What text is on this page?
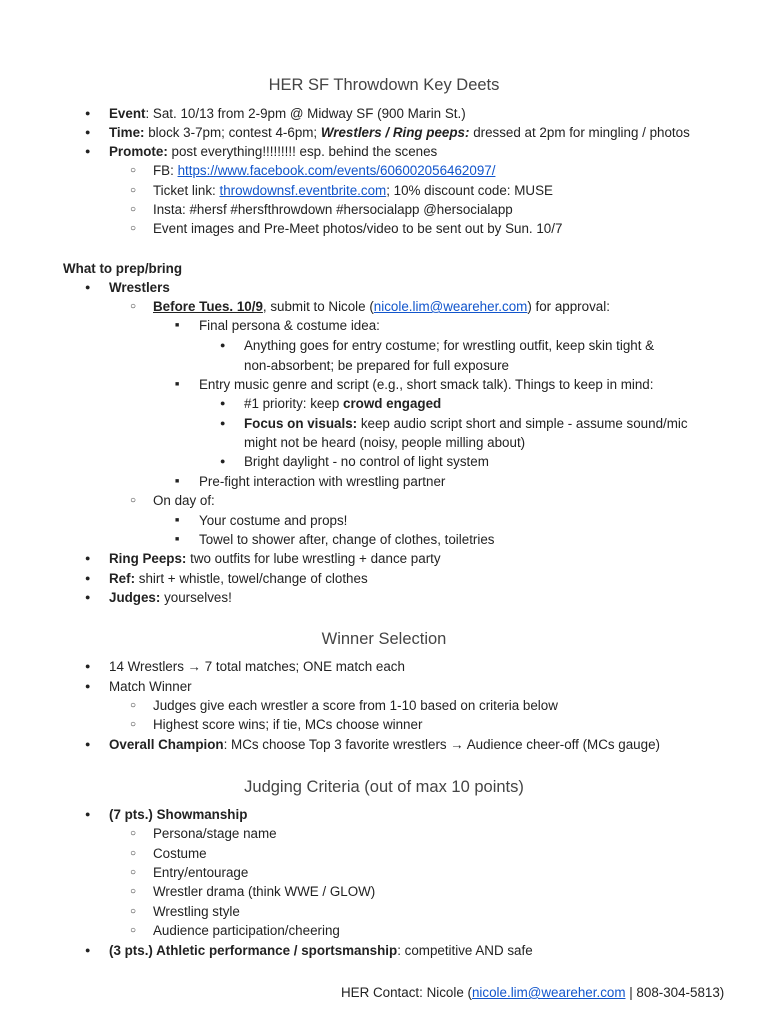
HER SF Throwdown Key Deets
● Event: Sat. 10/13 from 2-9pm @ Midway SF (900 Marin St.)
● Time: block 3-7pm; contest 4-6pm; Wrestlers / Ring peeps: dressed at 2pm for mingling / photos
● Promote: post everything!!!!!!!!! esp. behind the scenes
○ FB: https://www.facebook.com/events/606002056462097/
○ Ticket link: throwdownsf.eventbrite.com; 10% discount code: MUSE
○ Insta: #hersf #hersfthrowdown #hersocialapp @hersocialapp
○ Event images and Pre-Meet photos/video to be sent out by Sun. 10/7
What to prep/bring
● Wrestlers
○ Before Tues. 10/9, submit to Nicole (nicole.lim@weareher.com) for approval:
■ Final persona & costume idea:
● Anything goes for entry costume; for wrestling outfit, keep skin tight &
non-absorbent; be prepared for full exposure
■ Entry music genre and script (e.g., short smack talk). Things to keep in mind:
● #1 priority: keep crowd engaged
● Focus on visuals: keep audio script short and simple - assume sound/mic
might not be heard (noisy, people milling about)
● Bright daylight - no control of light system
■ Pre-fight interaction with wrestling partner
○ On day of:
■ Your costume and props!
■ Towel to shower after, change of clothes, toiletries
● Ring Peeps: two outfits for lube wrestling + dance party
● Ref: shirt + whistle, towel/change of clothes
● Judges: yourselves!
Winner Selection
● 14 Wrestlers → 7 total matches; ONE match each
● Match Winner
○ Judges give each wrestler a score from 1-10 based on criteria below
○ Highest score wins; if tie, MCs choose winner
● Overall Champion: MCs choose Top 3 favorite wrestlers → Audience cheer-off (MCs gauge)
Judging Criteria (out of max 10 points)
● (7 pts.) Showmanship
○ Persona/stage name
○ Costume
○ Entry/entourage
○ Wrestler drama (think WWE / GLOW)
○ Wrestling style
○ Audience participation/cheering
● (3 pts.) Athletic performance / sportsmanship: competitive AND safe
HER Contact: Nicole (nicole.lim@weareher.com | 808-304-5813)
